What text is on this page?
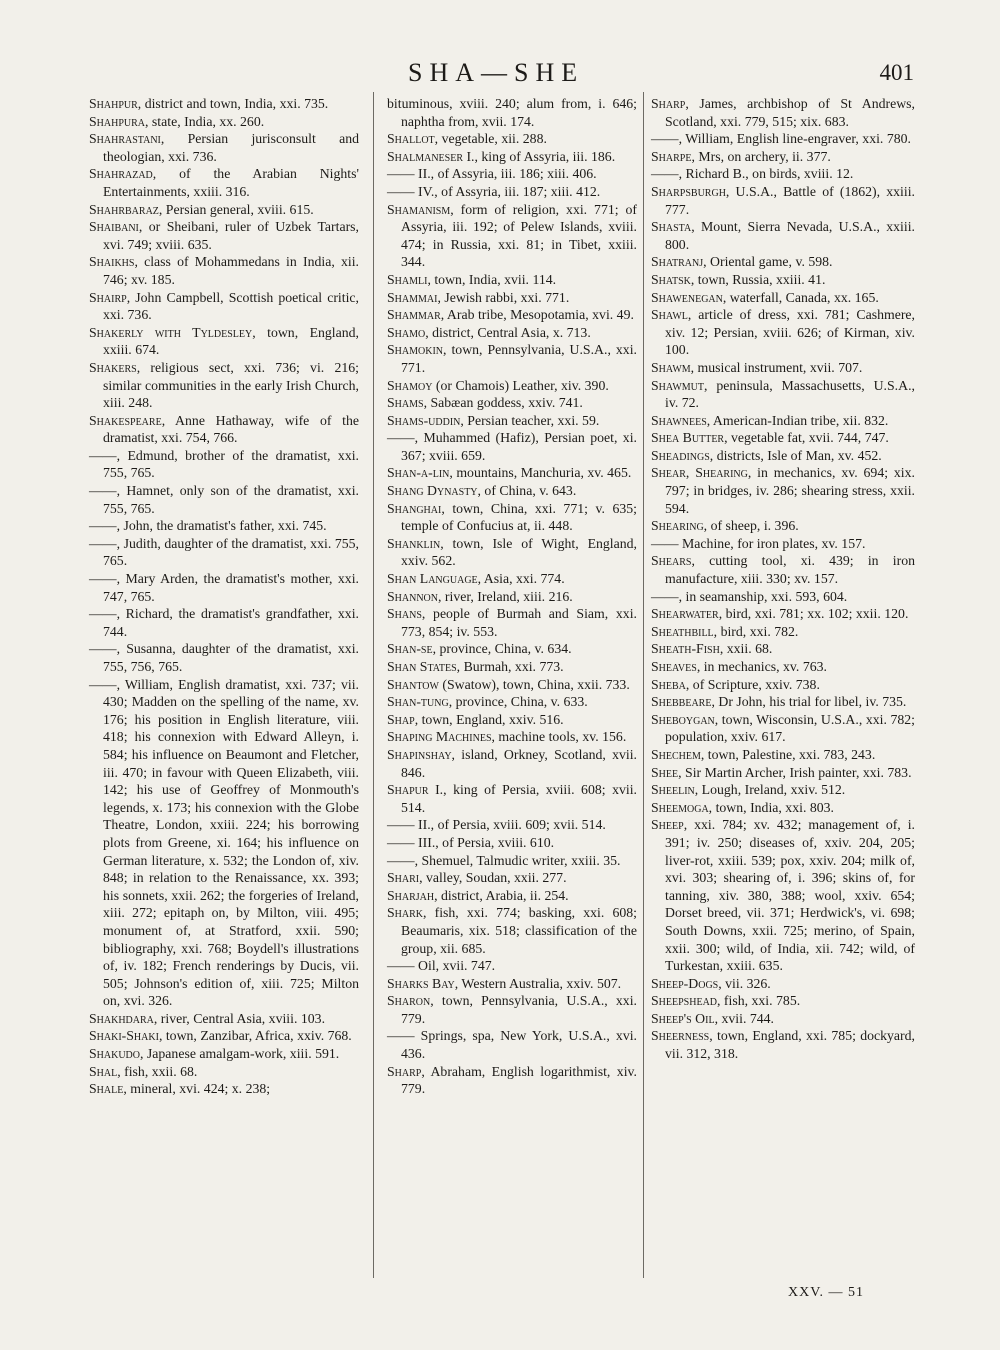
SHA—SHE	401

Shahpur, district and town, India, xxi. 735.

Shahpura, state, India, xx. 260.

Shahrastani, Persian jurisconsult and theologian, xxi. 736.

Shahrazad, of the Arabian Nights' Entertainments, xxiii. 316.

Shahrbaraz, Persian general, xviii. 615.

Shaibani, or Sheibani, ruler of Uzbek Tartars, xvi. 749; xviii. 635.

Shaikhs, class of Mohammedans in India, xii. 746; xv. 185.

Shairp, John Campbell, Scottish poetical critic, xxi. 736.

Shakerly with Tyldesley, town, England, xxiii. 674.

Shakers, religious sect, xxi. 736; vi. 216; similar communities in the early Irish Church, xiii. 248.

Shakespeare, Anne Hathaway, wife of the dramatist, xxi. 754, 766.

——, Edmund, brother of the dramatist, xxi. 755, 765.

——, Hamnet, only son of the dramatist, xxi. 755, 765.

——, John, the dramatist's father, xxi. 745.

——, Judith, daughter of the dramatist, xxi. 755, 765.

——, Mary Arden, the dramatist's mother, xxi. 747, 765.

——, Richard, the dramatist's grandfather, xxi. 744.

——, Susanna, daughter of the dramatist, xxi. 755, 756, 765.

——, William, English dramatist, xxi. 737; vii. 430; Madden on the spelling of the name, xv. 176; his position in English literature, viii. 418; his connexion with Edward Alleyn, i. 584; his influence on Beaumont and Fletcher, iii. 470; in favour with Queen Elizabeth, viii. 142; his use of Geoffrey of Monmouth's legends, x. 173; his connexion with the Globe Theatre, London, xxiii. 224; his borrowing plots from Greene, xi. 164; his influence on German literature, x. 532; the London of, xiv. 848; in relation to the Renaissance, xx. 393; his sonnets, xxii. 262; the forgeries of Ireland, xiii. 272; epitaph on, by Milton, viii. 495; monument of, at Stratford, xxii. 590; bibliography, xxi. 768; Boydell's illustrations of, iv. 182; French renderings by Ducis, vii. 505; Johnson's edition of, xiii. 725; Milton on, xvi. 326.

Shakhdara, river, Central Asia, xviii. 103.

Shaki-Shaki, town, Zanzibar, Africa, xxiv. 768.

Shakudo, Japanese amalgam-work, xiii. 591.

Shal, fish, xxii. 68.

Shale, mineral, xvi. 424; x. 238;

bituminous, xviii. 240; alum from, i. 646; naphtha from, xvii. 174.

Shallot, vegetable, xii. 288.

Shalmaneser I., king of Assyria, iii. 186.

—— II., of Assyria, iii. 186; xiii. 406.

—— IV., of Assyria, iii. 187; xiii. 412.

Shamanism, form of religion, xxi. 771; of Assyria, iii. 192; of Pelew Islands, xviii. 474; in Russia, xxi. 81; in Tibet, xxiii. 344.

Shamli, town, India, xvii. 114.

Shammai, Jewish rabbi, xxi. 771.

Shammar, Arab tribe, Mesopotamia, xvi. 49.

Shamo, district, Central Asia, x. 713.

Shamokin, town, Pennsylvania, U.S.A., xxi. 771.

Shamoy (or Chamois) Leather, xiv. 390.

Shams, Sabæan goddess, xxiv. 741.

Shams-uddin, Persian teacher, xxi. 59.

——, Muhammed (Hafiz), Persian poet, xi. 367; xviii. 659.

Shan-a-lin, mountains, Manchuria, xv. 465.

Shang Dynasty, of China, v. 643.

Shanghai, town, China, xxi. 771; v. 635; temple of Confucius at, ii. 448.

Shanklin, town, Isle of Wight, England, xxiv. 562.

Shan Language, Asia, xxi. 774.

Shannon, river, Ireland, xiii. 216.

Shans, people of Burmah and Siam, xxi. 773, 854; iv. 553.

Shan-se, province, China, v. 634.

Shan States, Burmah, xxi. 773.

Shantow (Swatow), town, China, xxii. 733.

Shan-tung, province, China, v. 633.

Shap, town, England, xxiv. 516.

Shaping Machines, machine tools, xv. 156.

Shapinshay, island, Orkney, Scotland, xvii. 846.

Shapur I., king of Persia, xviii. 608; xvii. 514.

—— II., of Persia, xviii. 609; xvii. 514.

—— III., of Persia, xviii. 610.

——, Shemuel, Talmudic writer, xxiii. 35.

Shari, valley, Soudan, xxii. 277.

Sharjah, district, Arabia, ii. 254.

Shark, fish, xxi. 774; basking, xxi. 608; Beaumaris, xix. 518; classification of the group, xii. 685.

—— Oil, xvii. 747.

Sharks Bay, Western Australia, xxiv. 507.

Sharon, town, Pennsylvania, U.S.A., xxi. 779.

—— Springs, spa, New York, U.S.A., xvi. 436.

Sharp, Abraham, English logarithmist, xiv. 779.

Sharp, James, archbishop of St Andrews, Scotland, xxi. 779, 515; xix. 683.

——, William, English line-engraver, xxi. 780.

Sharpe, Mrs, on archery, ii. 377.

——, Richard B., on birds, xviii. 12.

Sharpsburgh, U.S.A., Battle of (1862), xxiii. 777.

Shasta, Mount, Sierra Nevada, U.S.A., xxiii. 800.

Shatranj, Oriental game, v. 598.

Shatsk, town, Russia, xxiii. 41.

Shawenegan, waterfall, Canada, xx. 165.

Shawl, article of dress, xxi. 781; Cashmere, xiv. 12; Persian, xviii. 626; of Kirman, xiv. 100.

Shawm, musical instrument, xvii. 707.

Shawmut, peninsula, Massachusetts, U.S.A., iv. 72.

Shawnees, American-Indian tribe, xii. 832.

Shea Butter, vegetable fat, xvii. 744, 747.

Sheadings, districts, Isle of Man, xv. 452.

Shear, Shearing, in mechanics, xv. 694; xix. 797; in bridges, iv. 286; shearing stress, xxii. 594.

Shearing, of sheep, i. 396.

—— Machine, for iron plates, xv. 157.

Shears, cutting tool, xi. 439; in iron manufacture, xiii. 330; xv. 157.

——, in seamanship, xxi. 593, 604.

Shearwater, bird, xxi. 781; xx. 102; xxii. 120.

Sheathbill, bird, xxi. 782.

Sheath-Fish, xxii. 68.

Sheaves, in mechanics, xv. 763.

Sheba, of Scripture, xxiv. 738.

Shebbeare, Dr John, his trial for libel, iv. 735.

Sheboygan, town, Wisconsin, U.S.A., xxi. 782; population, xxiv. 617.

Shechem, town, Palestine, xxi. 783, 243.

Shee, Sir Martin Archer, Irish painter, xxi. 783.

Sheelin, Lough, Ireland, xxiv. 512.

Sheemoga, town, India, xxi. 803.

Sheep, xxi. 784; xv. 432; management of, i. 391; iv. 250; diseases of, xxiv. 204, 205; liver-rot, xxiii. 539; pox, xxiv. 204; milk of, xvi. 303; shearing of, i. 396; skins of, for tanning, xiv. 380, 388; wool, xxiv. 654; Dorset breed, vii. 371; Herdwick's, vi. 698; South Downs, xxii. 725; merino, of Spain, xxii. 300; wild, of India, xii. 742; wild, of Turkestan, xxiii. 635.

Sheep-Dogs, vii. 326.

Sheepshead, fish, xxi. 785.

Sheep's Oil, xvii. 744.

Sheerness, town, England, xxi. 785; dockyard, vii. 312, 318.

XXV. — 51
